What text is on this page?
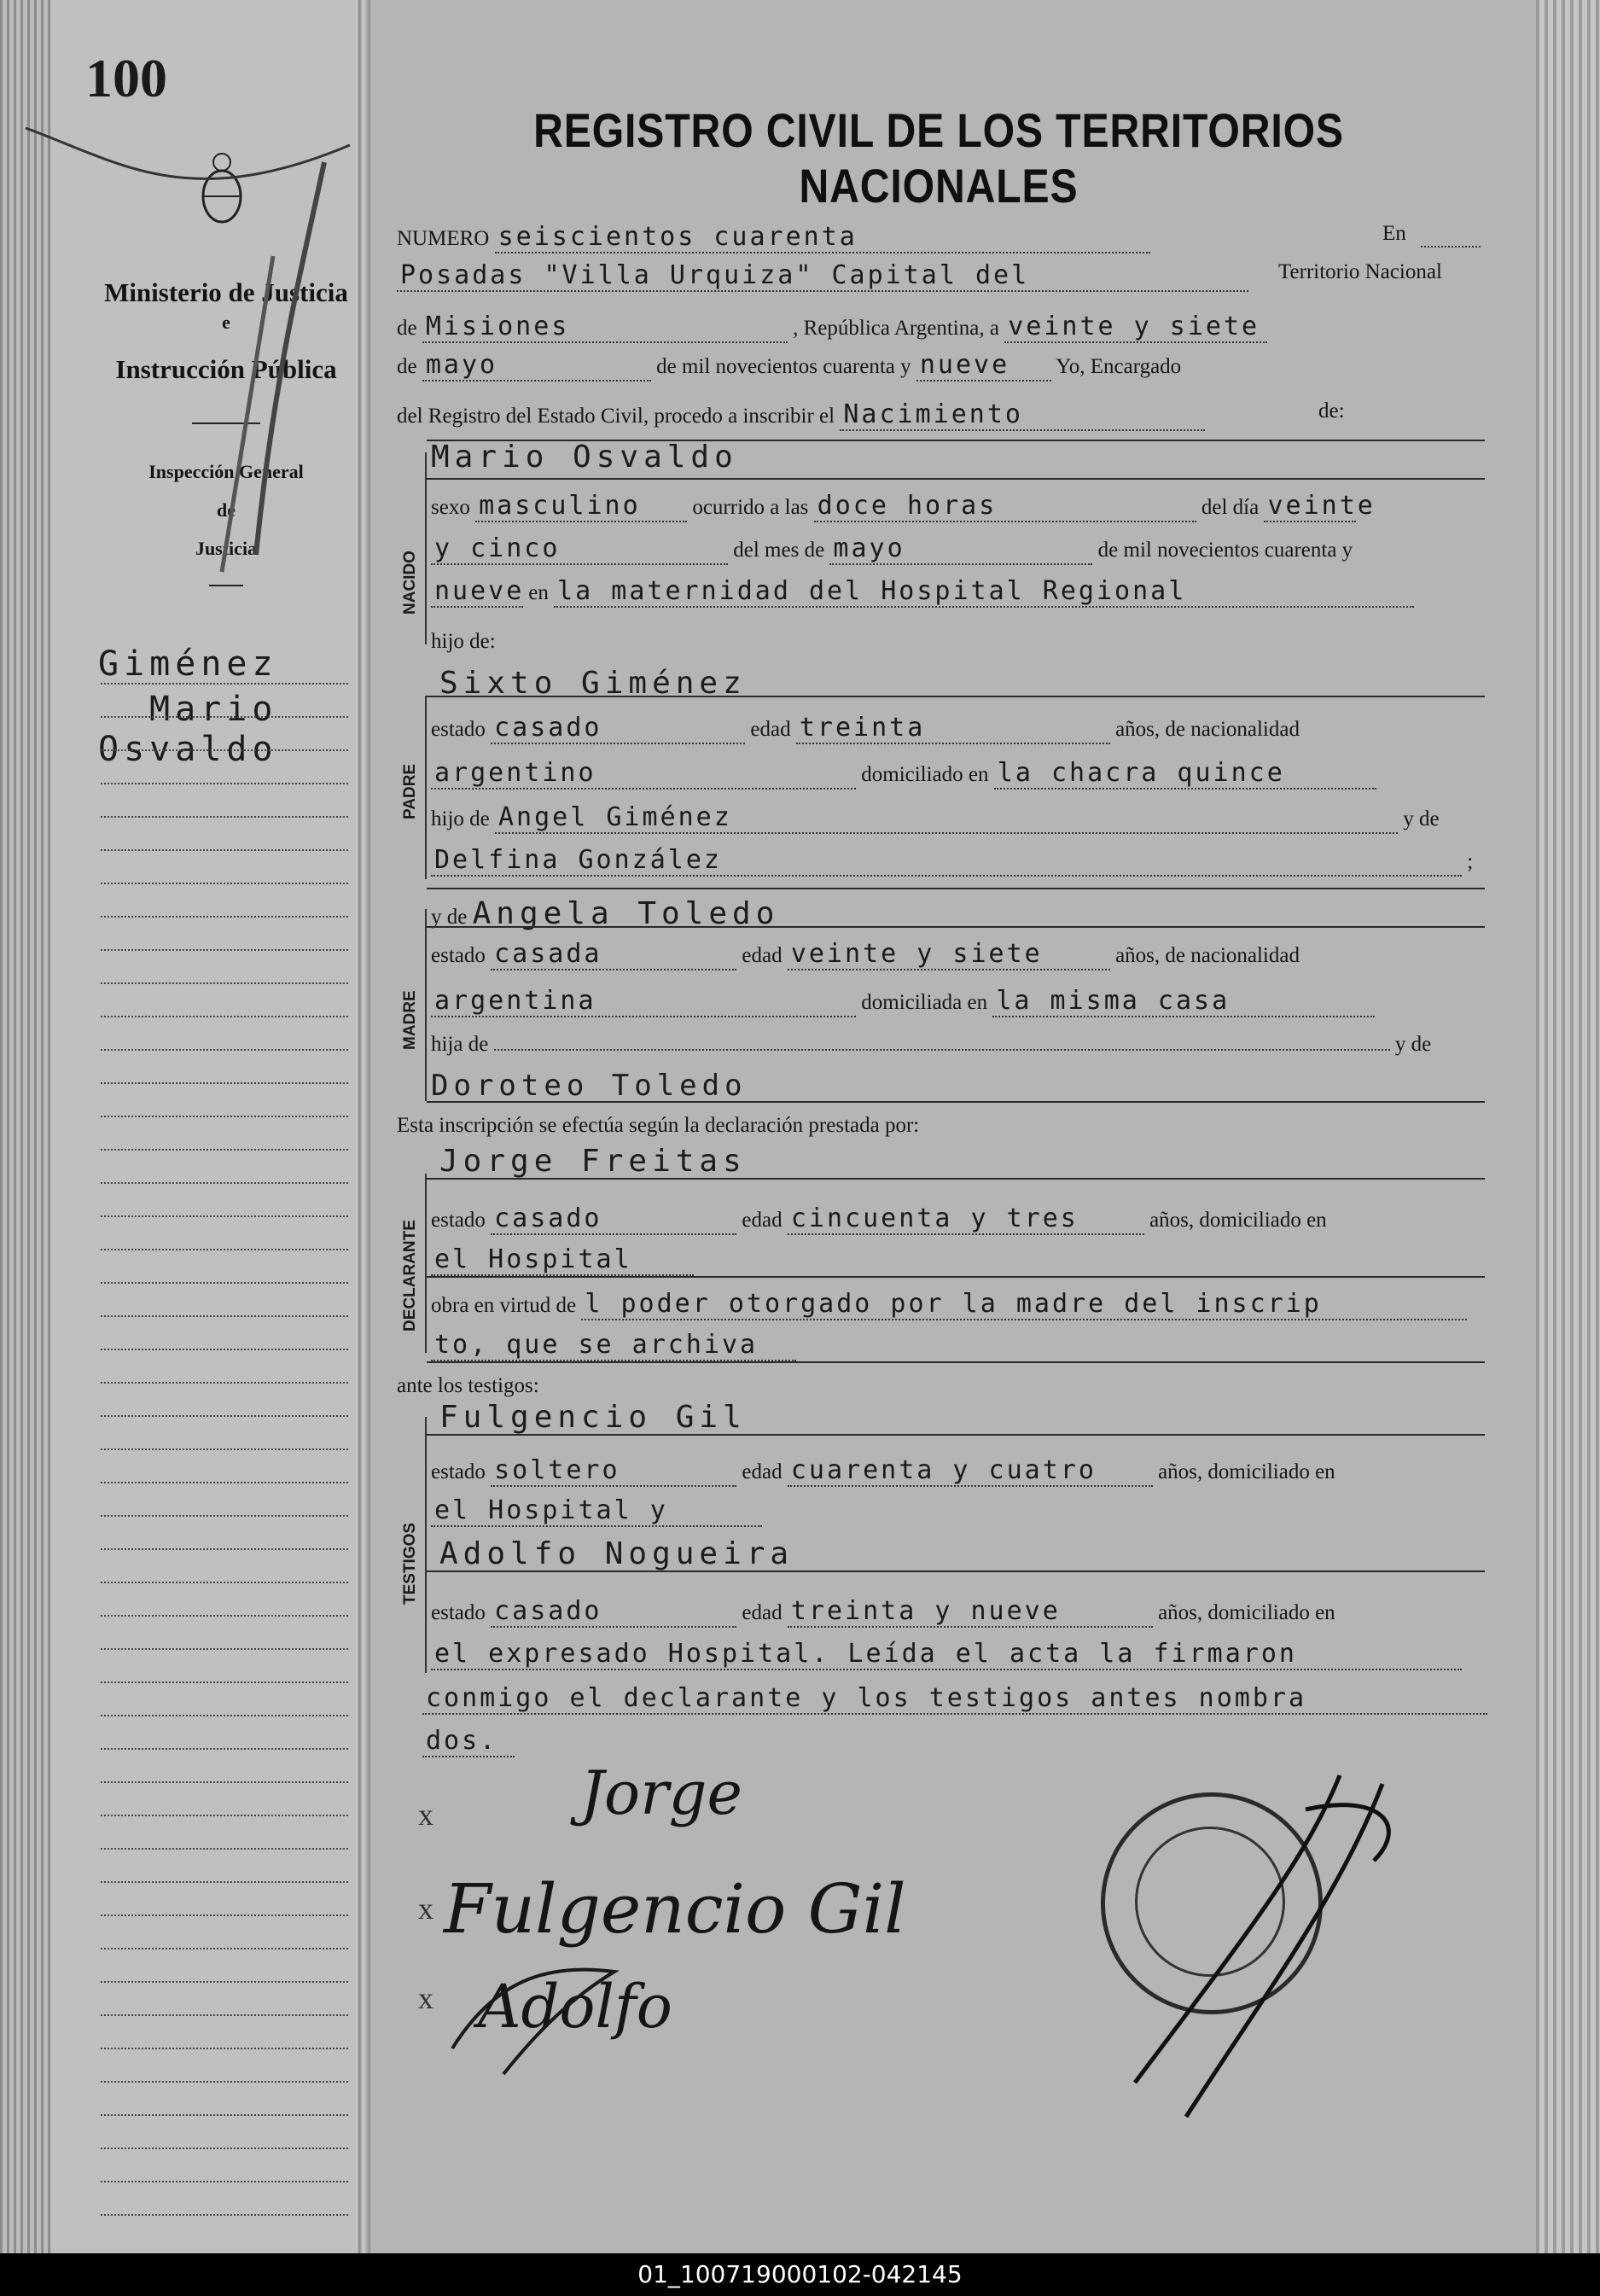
100
Ministerio de Justicia
e
Instrucción Pública
Inspección General
de
Justicia
Giménez
Mario
Osvaldo
REGISTRO CIVIL DE LOS TERRITORIOS NACIONALES
NUMERO seiscientos cuarenta	En
Posadas "Villa Urquiza" Capital del	Territorio Nacional
de Misiones	, República Argentina, a veinte y siete
de mayo	de mil novecientos cuarenta y nueve Yo, Encargado
del Registro del Estado Civil, procedo a inscribir el Nacimiento	de:
NACIDO
Mario Osvaldo
sexo masculino ocurrido a las doce horas	del día veinte
y cinco	del mes de mayo	de mil novecientos cuarenta y
nueve en la maternidad del Hospital Regional
hijo de:
PADRE
Sixto Giménez
estado casado	edad treinta	años, de nacionalidad
argentino	domiciliado en la chacra quince
hijo de Angel Giménez	y de
Delfina González	;
MADRE
y de Angela Toledo
estado casada	edad veinte y siete	años, de nacionalidad
argentina	domiciliada en la misma casa
hija de	y de
Doroteo Toledo
Esta inscripción se efectúa según la declaración prestada por:
DECLARANTE
Jorge Freitas
estado casado	edad cincuenta y tres	años, domiciliado en
el Hospital
obra en virtud de l poder otorgado por la madre del inscrip
to, que se archiva
ante los testigos:
TESTIGOS
Fulgencio Gil
estado soltero	edad cuarenta y cuatro	años, domiciliado en
el Hospital y
Adolfo Nogueira
estado casado	edad treinta y nueve	años, domiciliado en
el expresado Hospital. Leída el acta la firmaron
conmigo el declarante y los testigos antes nombra
dos.
x Jorge
x Fulgencio Gil
x Adolfo
01_100719000102-042145
